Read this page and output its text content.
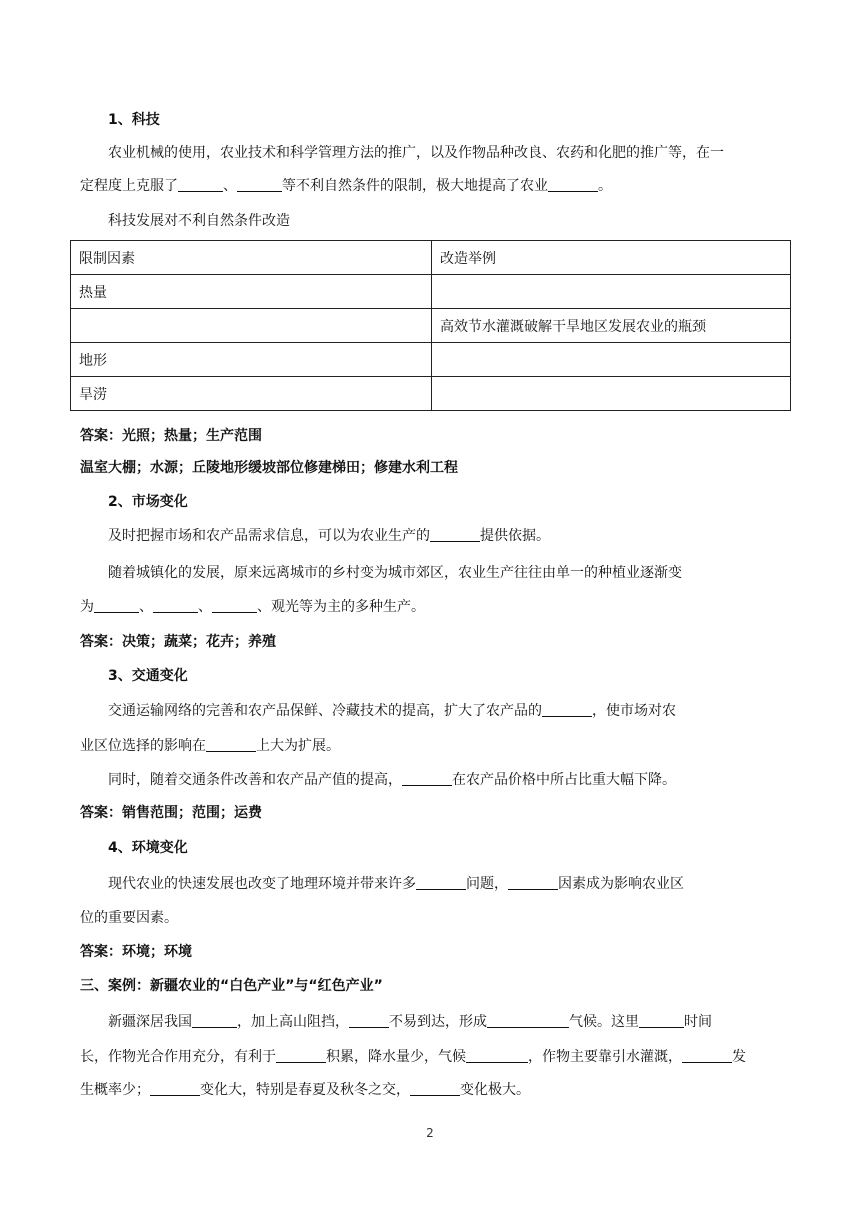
1、科技
农业机械的使用，农业技术和科学管理方法的推广，以及作物品种改良、农药和化肥的推广等，在一
定程度上克服了	、	等不利自然条件的限制，极大地提高了农业	。
科技发展对不利自然条件改造
限制因素	改造举例
热量	
	高效节水灌溉破解干旱地区发展农业的瓶颈
地形	
旱涝	
答案：光照；热量；生产范围
温室大棚；水源；丘陵地形缓坡部位修建梯田；修建水利工程
2、市场变化
及时把握市场和农产品需求信息，可以为农业生产的	提供依据。
随着城镇化的发展，原来远离城市的乡村变为城市郊区，农业生产往往由单一的种植业逐渐变
为	、	、	、观光等为主的多种生产。
答案：决策；蔬菜；花卉；养殖
3、交通变化
交通运输网络的完善和农产品保鲜、冷藏技术的提高，扩大了农产品的	，使市场对农
业区位选择的影响在	上大为扩展。
同时，随着交通条件改善和农产品产值的提高，	在农产品价格中所占比重大幅下降。
答案：销售范围；范围；运费
4、环境变化
现代农业的快速发展也改变了地理环境并带来许多	问题，	因素成为影响农业区
位的重要因素。
答案：环境；环境
三、案例：新疆农业的“白色产业”与“红色产业”
新疆深居我国	，加上高山阻挡，	不易到达，形成	气候。这里	时间
长，作物光合作用充分，有利于	积累，降水量少，气候	，作物主要靠引水灌溉，	发
生概率少；	变化大，特别是春夏及秋冬之交，	变化极大。
2
